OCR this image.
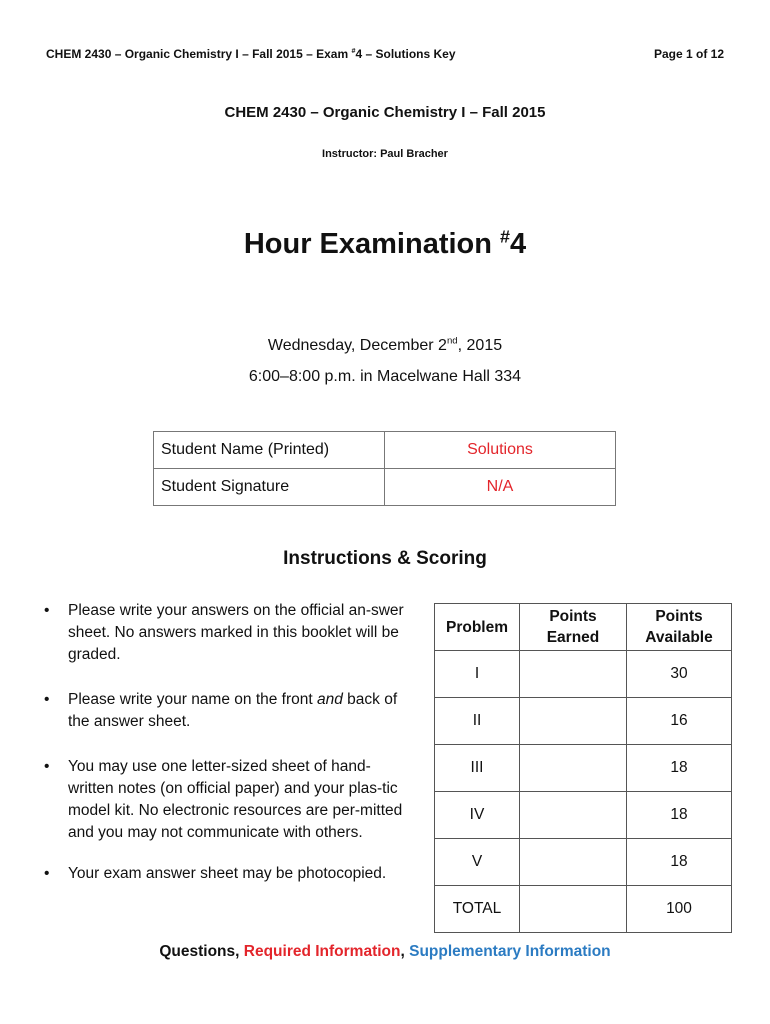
CHEM 2430 – Organic Chemistry I – Fall 2015 – Exam #4 – Solutions Key	Page 1 of 12
CHEM 2430 – Organic Chemistry I – Fall 2015
Instructor: Paul Bracher
Hour Examination #4
Wednesday, December 2nd, 2015
6:00–8:00 p.m. in Macelwane Hall 334
Student Name (Printed)	Solutions
Student Signature	N/A
Instructions & Scoring
• Please write your answers on the official an-swer sheet. No answers marked in this booklet will be graded.
• Please write your name on the front and back of the answer sheet.
• You may use one letter-sized sheet of hand-written notes (on official paper) and your plas-tic model kit. No electronic resources are per-mitted and you may not communicate with others.
• Your exam answer sheet may be photocopied.
Problem	Points Earned	Points Available
I		30
II		16
III		18
IV		18
V		18
TOTAL		100
Questions, Required Information, Supplementary Information
